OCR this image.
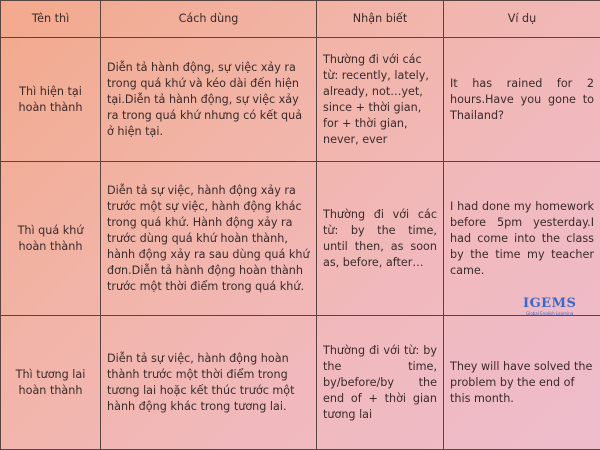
Tên thì	Cách dùng	Nhận biết	Ví dụ
Thì hiện tại hoàn thành	Diễn tả hành động, sự việc xảy ra trong quá khứ và kéo dài đến hiện tại.Diễn tả hành động, sự việc xảy ra trong quá khứ nhưng có kết quả ở hiện tại.	Thường đi với các từ: recently, lately, already, not…yet, since + thời gian, for + thời gian, never, ever	It has rained for 2 hours.Have you gone to Thailand?
Thì quá khứ hoàn thành	Diễn tả sự việc, hành động xảy ra trước một sự việc, hành động khác trong quá khứ. Hành động xảy ra trước dùng quá khứ hoàn thành, hành động xảy ra sau dùng quá khứ đơn.Diễn tả hành động hoàn thành trước một thời điểm trong quá khứ.	Thường đi với các từ: by the time, until then, as soon as, before, after…	I had done my homework before 5pm yesterday.I had come into the class by the time my teacher came.
Thì tương lai hoàn thành	Diễn tả sự việc, hành động hoàn thành trước một thời điểm trong tương lai hoặc kết thúc trước một hành động khác trong tương lai.	Thường đi với từ: by the time, by/before/by the end of + thời gian tương lai	They will have solved the problem by the end of this month.
IGEMS
Global English Learning
